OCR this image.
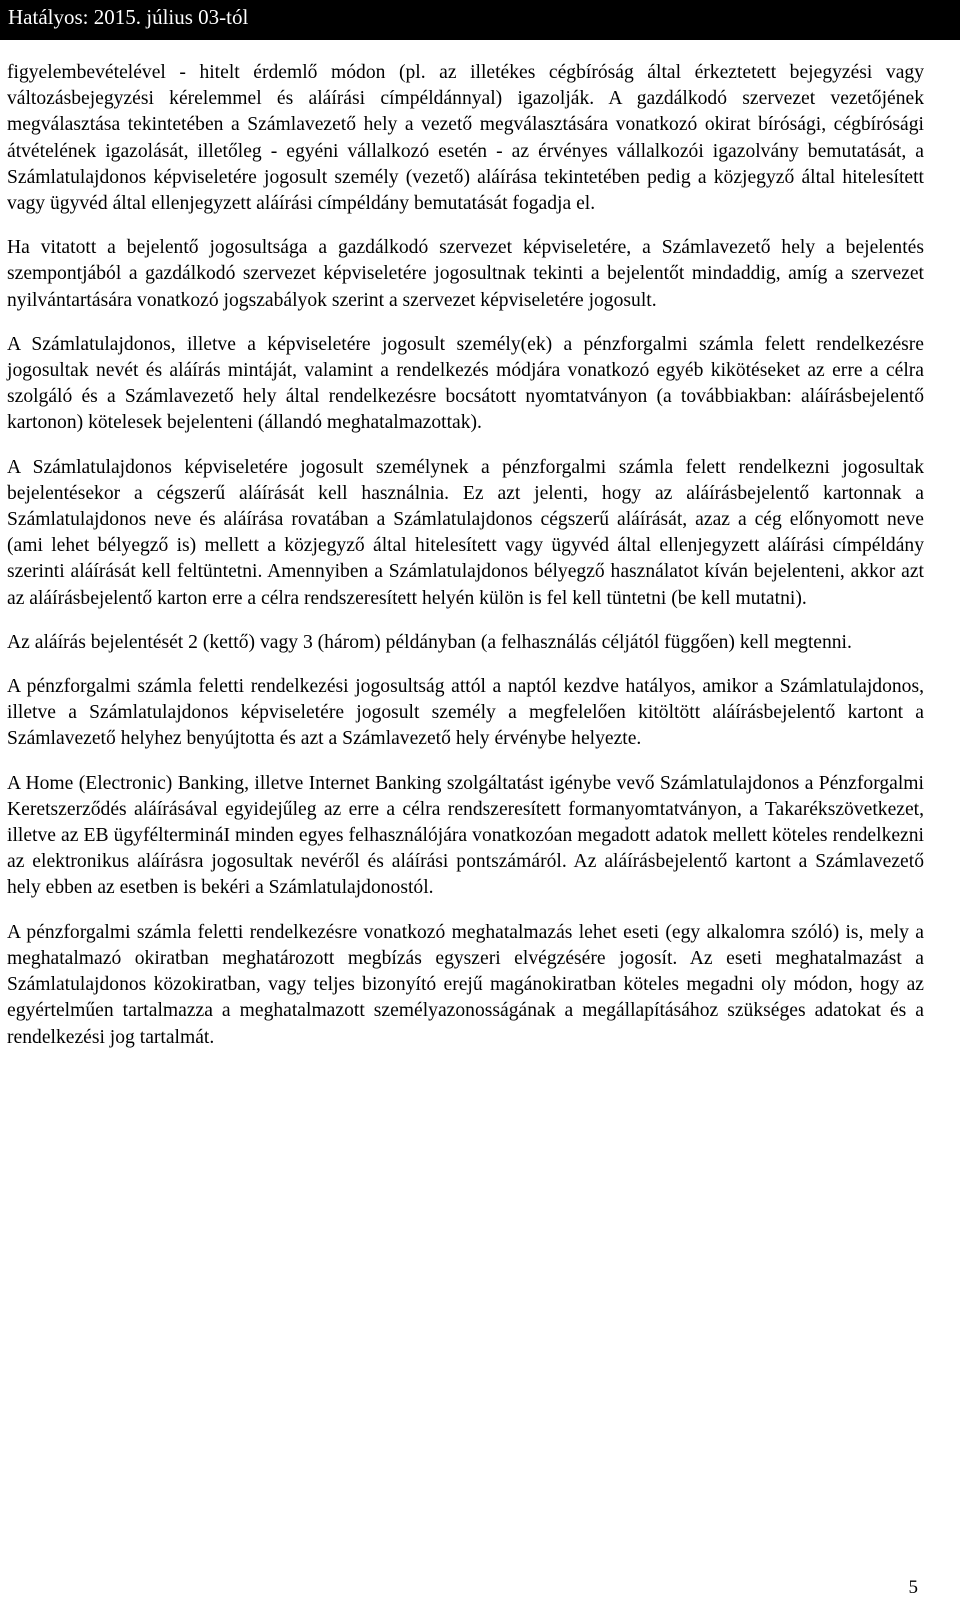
Hatályos: 2015. július 03-tól

figyelembevételével - hitelt érdemlő módon (pl. az illetékes cégbíróság által érkeztetett bejegyzési vagy változásbejegyzési kérelemmel és aláírási címpéldánnyal) igazolják. A gazdálkodó szervezet vezetőjének megválasztása tekintetében a Számlavezető hely a vezető megválasztására vonatkozó okirat bírósági, cégbírósági átvételének igazolását, illetőleg - egyéni vállalkozó esetén - az érvényes vállalkozói igazolvány bemutatását, a Számlatulajdonos képviseletére jogosult személy (vezető) aláírása tekintetében pedig a közjegyző által hitelesített vagy ügyvéd által ellenjegyzett aláírási címpéldány bemutatását fogadja el.

Ha vitatott a bejelentő jogosultsága a gazdálkodó szervezet képviseletére, a Számlavezető hely a bejelentés szempontjából a gazdálkodó szervezet képviseletére jogosultnak tekinti a bejelentőt mindaddig, amíg a szervezet nyilvántartására vonatkozó jogszabályok szerint a szervezet képviseletére jogosult.

A Számlatulajdonos, illetve a képviseletére jogosult személy(ek) a pénzforgalmi számla felett rendelkezésre jogosultak nevét és aláírás mintáját, valamint a rendelkezés módjára vonatkozó egyéb kikötéseket az erre a célra szolgáló és a Számlavezető hely által rendelkezésre bocsátott nyomtatványon (a továbbiakban: aláírásbejelentő kartonon) kötelesek bejelenteni (állandó meghatalmazottak).

A Számlatulajdonos képviseletére jogosult személynek a pénzforgalmi számla felett rendelkezni jogosultak bejelentésekor a cégszerű aláírását kell használnia. Ez azt jelenti, hogy az aláírásbejelentő kartonnak a Számlatulajdonos neve és aláírása rovatában a Számlatulajdonos cégszerű aláírását, azaz a cég előnyomott neve (ami lehet bélyegző is) mellett a közjegyző által hitelesített vagy ügyvéd által ellenjegyzett aláírási címpéldány szerinti aláírását kell feltüntetni. Amennyiben a Számlatulajdonos bélyegző használatot kíván bejelenteni, akkor azt az aláírásbejelentő karton erre a célra rendszeresített helyén külön is fel kell tüntetni (be kell mutatni).

Az aláírás bejelentését 2 (kettő) vagy 3 (három) példányban (a felhasználás céljától függően) kell megtenni.

A pénzforgalmi számla feletti rendelkezési jogosultság attól a naptól kezdve hatályos, amikor a Számlatulajdonos, illetve a Számlatulajdonos képviseletére jogosult személy a megfelelően kitöltött aláírásbejelentő kartont a Számlavezető helyhez benyújtotta és azt a Számlavezető hely érvénybe helyezte.

A Home (Electronic) Banking, illetve Internet Banking szolgáltatást igénybe vevő Számlatulajdonos a Pénzforgalmi Keretszerződés aláírásával egyidejűleg az erre a célra rendszeresített formanyomtatványon, a Takarékszövetkezet, illetve az EB ügyféltermináI minden egyes felhasználójára vonatkozóan megadott adatok mellett köteles rendelkezni az elektronikus aláírásra jogosultak nevéről és aláírási pontszámáról. Az aláírásbejelentő kartont a Számlavezető hely ebben az esetben is bekéri a Számlatulajdonostól.

A pénzforgalmi számla feletti rendelkezésre vonatkozó meghatalmazás lehet eseti (egy alkalomra szóló) is, mely a meghatalmazó okiratban meghatározott megbízás egyszeri elvégzésére jogosít. Az eseti meghatalmazást a Számlatulajdonos közokiratban, vagy teljes bizonyító erejű magánokiratban köteles megadni oly módon, hogy az egyértelműen tartalmazza a meghatalmazott személyazonosságának a megállapításához szükséges adatokat és a rendelkezési jog tartalmát.

5
